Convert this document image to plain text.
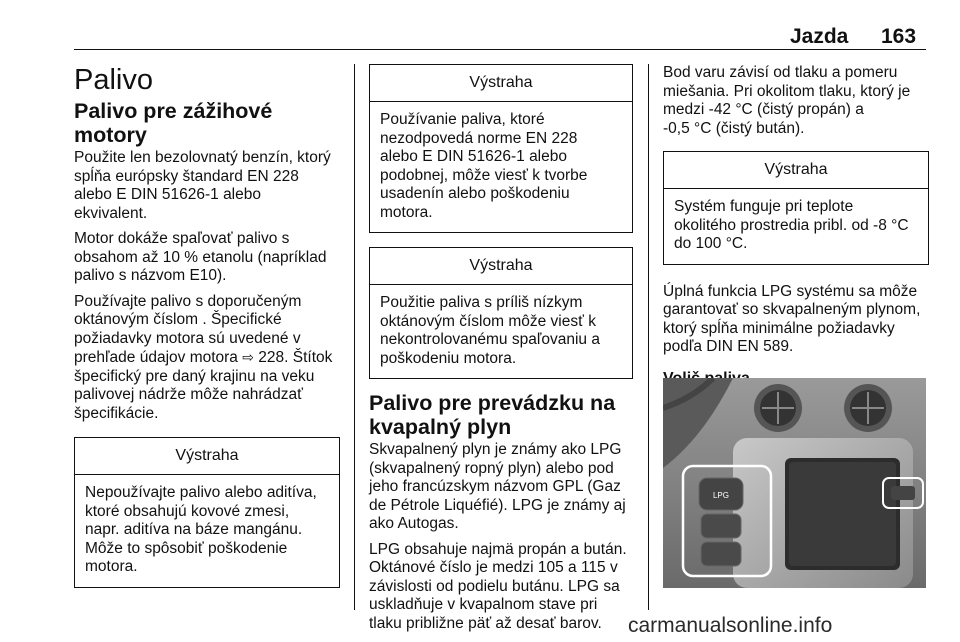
Jazda 163
Palivo
Palivo pre zážihové motory

Použite len bezolovnatý benzín, ktorý
spĺňa európsky štandard EN 228
alebo E DIN 51626-1 alebo
ekvivalent.

Motor dokáže spaľovať palivo s
obsahom až 10 % etanolu (napríklad
palivo s názvom E10).

Používajte palivo s doporučeným
oktánovým číslom . Špecifické
požiadavky motora sú uvedené v
prehľade údajov motora ⇨ 228. Štítok
špecifický pre daný krajinu na veku
palivovej nádrže môže nahrádzať
špecifikácie.

Výstraha
Nepoužívajte palivo alebo aditíva,
ktoré obsahujú kovové zmesi,
napr. aditíva na báze mangánu.
Môže to spôsobiť poškodenie
motora.
Výstraha
Používanie paliva, ktoré
nezodpovedá norme EN 228
alebo E DIN 51626-1 alebo
podobnej, môže viesť k tvorbe
usadenín alebo poškodeniu
motora.
Výstraha
Použitie paliva s príliš nízkym
oktánovým číslom môže viesť k
nekontrolovanému spaľovaniu a
poškodeniu motora.
Palivo pre prevádzku na
kvapalný plyn

Skvapalnený plyn je známy ako LPG
(skvapalnený ropný plyn) alebo pod
jeho francúzskym názvom GPL (Gaz
de Pétrole Liquéfié). LPG je známy aj
ako Autogas.

LPG obsahuje najmä propán a bután.
Oktánové číslo je medzi 105 a 115 v
závislosti od podielu butánu. LPG sa
uskladňuje v kvapalnom stave pri
tlaku približne päť až desať barov.

Bod varu závisí od tlaku a pomeru
miešania. Pri okolitom tlaku, ktorý je
medzi -42 °C (čistý propán) a
-0,5 °C (čistý bután).

Výstraha
Systém funguje pri teplote
okolitého prostredia pribl. od -8 °C
do 100 °C.

Úplná funkcia LPG systému sa môže
garantovať so skvapalneným plynom,
ktorý spĺňa minimálne požiadavky
podľa DIN EN 589.

LPG
carmanualsonline.info
